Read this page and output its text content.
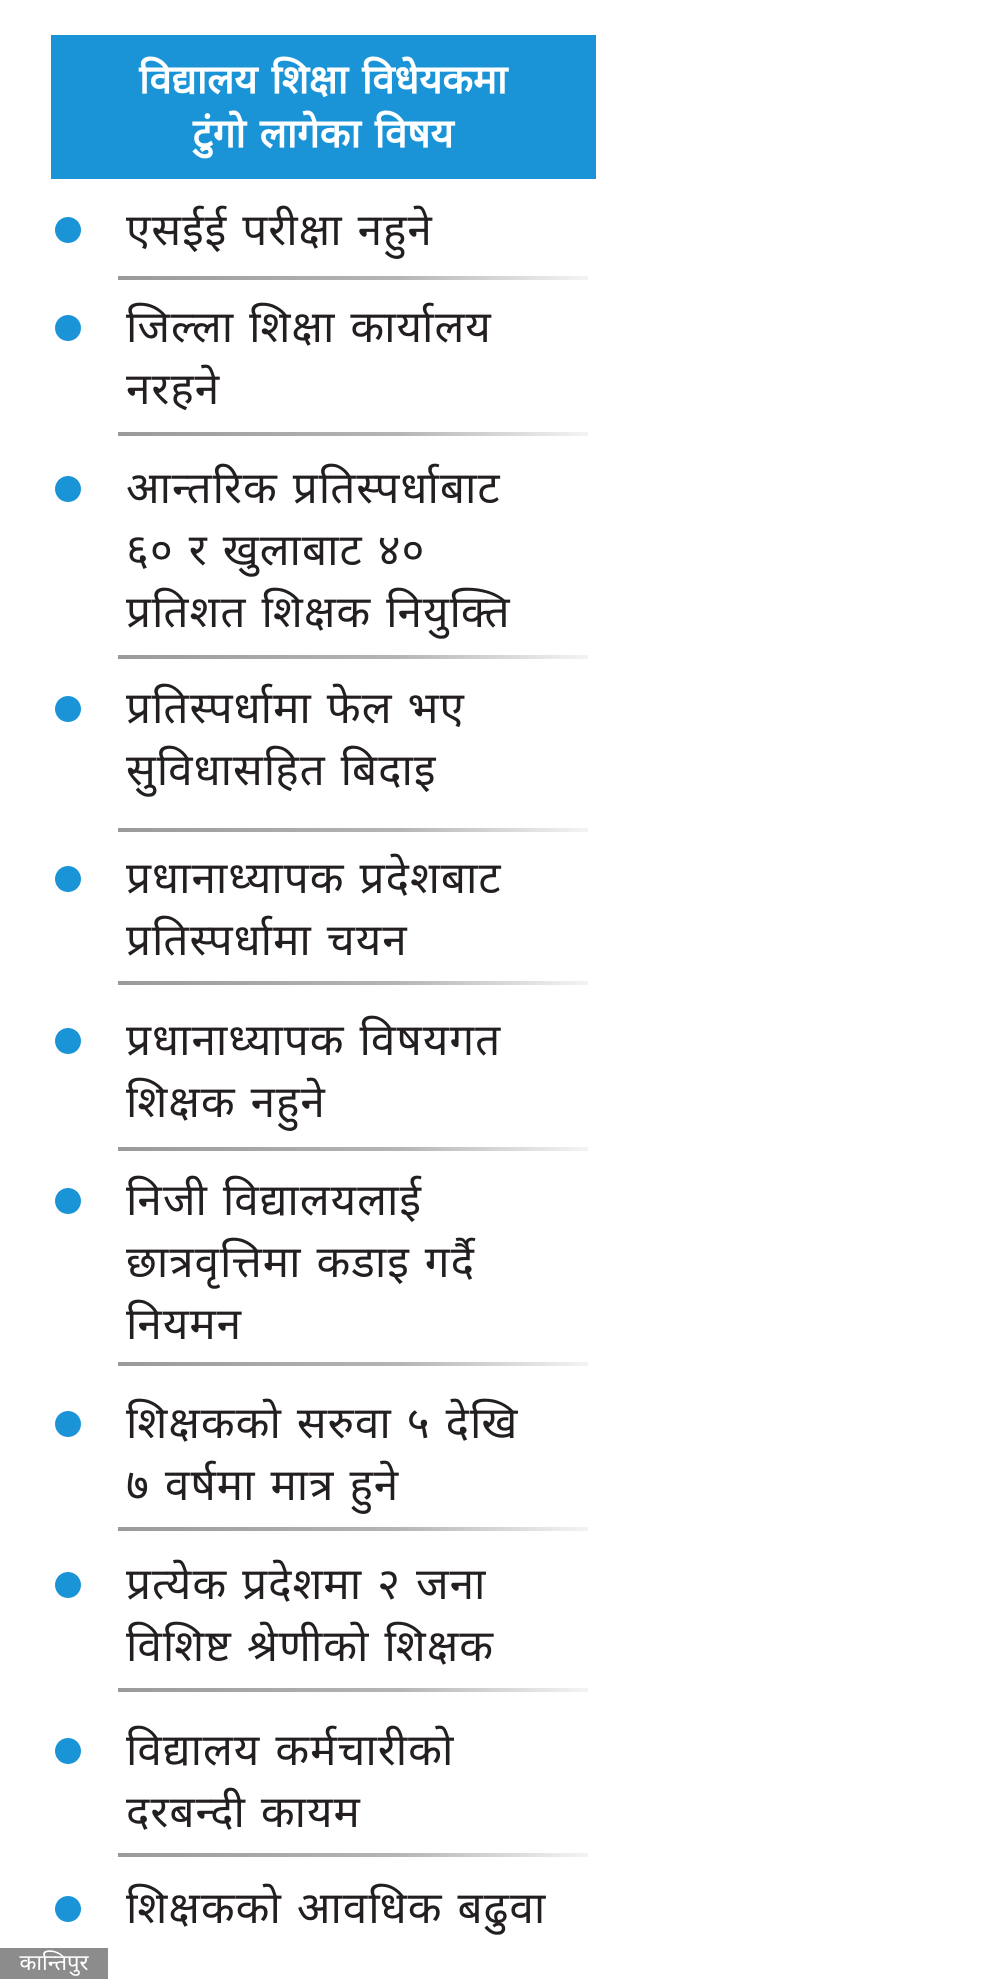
विद्यालय शिक्षा विधेयकमा
टुंगो लागेका विषय
एसईई परीक्षा नहुने
जिल्ला शिक्षा कार्यालय
नरहने
आन्तरिक प्रतिस्पर्धाबाट
६० र खुलाबाट ४०
प्रतिशत शिक्षक नियुक्ति
प्रतिस्पर्धामा फेल भए
सुविधासहित बिदाइ
प्रधानाध्यापक प्रदेशबाट
प्रतिस्पर्धामा चयन
प्रधानाध्यापक विषयगत
शिक्षक नहुने
निजी विद्यालयलाई
छात्रवृत्तिमा कडाइ गर्दै
नियमन
शिक्षकको सरुवा ५ देखि
७ वर्षमा मात्र हुने
प्रत्येक प्रदेशमा २ जना
विशिष्ट श्रेणीको शिक्षक
विद्यालय कर्मचारीको
दरबन्दी कायम
शिक्षकको आवधिक बढुवा
कान्तिपुर
